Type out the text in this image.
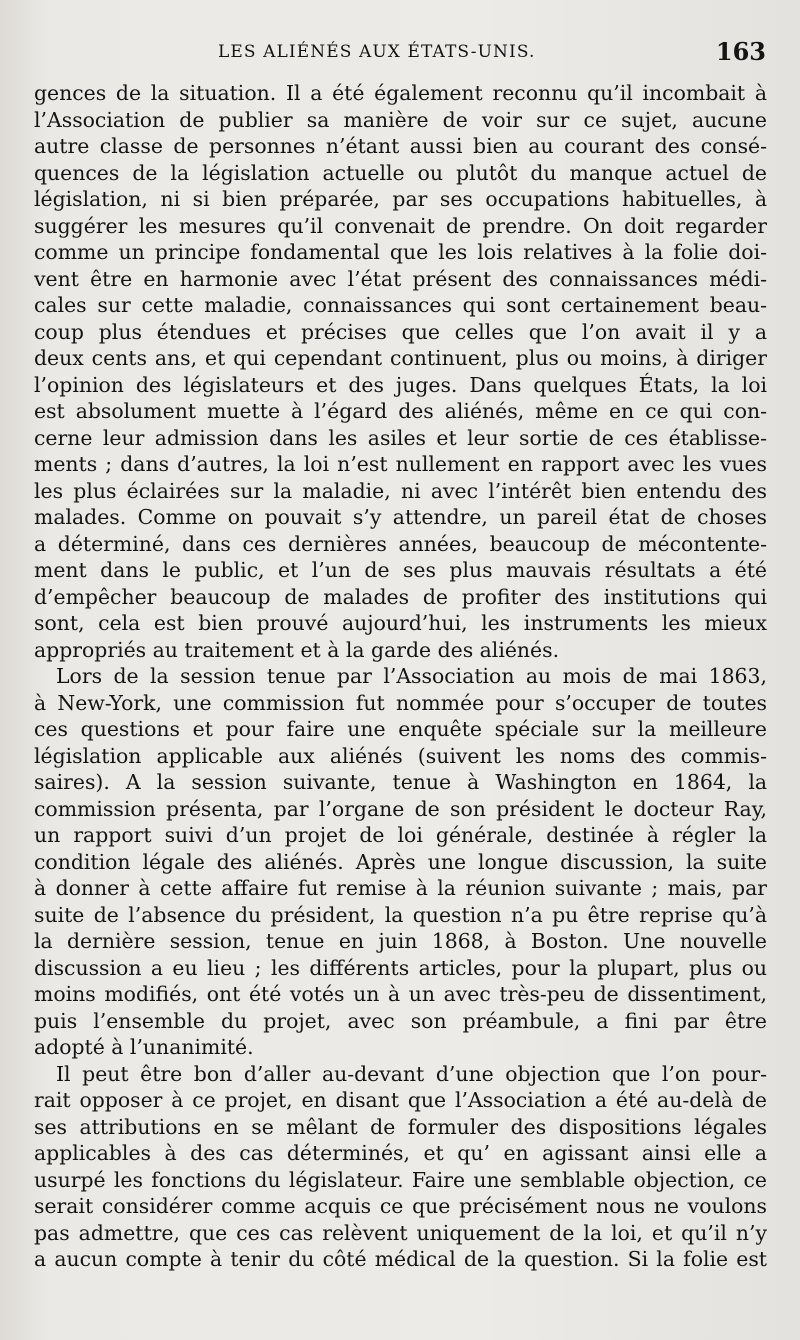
LES ALIÉNÉS AUX ÉTATS-UNIS.	163
gences de la situation. Il a été également reconnu qu’il incombait à
l’Association de publier sa manière de voir sur ce sujet, aucune
autre classe de personnes n’étant aussi bien au courant des consé-
quences de la législation actuelle ou plutôt du manque actuel de
législation, ni si bien préparée, par ses occupations habituelles, à
suggérer les mesures qu’il convenait de prendre. On doit regarder
comme un principe fondamental que les lois relatives à la folie doi-
vent être en harmonie avec l’état présent des connaissances médi-
cales sur cette maladie, connaissances qui sont certainement beau-
coup plus étendues et précises que celles que l’on avait il y a
deux cents ans, et qui cependant continuent, plus ou moins, à diriger
l’opinion des législateurs et des juges. Dans quelques États, la loi
est absolument muette à l’égard des aliénés, même en ce qui con-
cerne leur admission dans les asiles et leur sortie de ces établisse-
ments ; dans d’autres, la loi n’est nullement en rapport avec les vues
les plus éclairées sur la maladie, ni avec l’intérêt bien entendu des
malades. Comme on pouvait s’y attendre, un pareil état de choses
a déterminé, dans ces dernières années, beaucoup de mécontente-
ment dans le public, et l’un de ses plus mauvais résultats a été
d’empêcher beaucoup de malades de profiter des institutions qui
sont, cela est bien prouvé aujourd’hui, les instruments les mieux
appropriés au traitement et à la garde des aliénés.
Lors de la session tenue par l’Association au mois de mai 1863,
à New-York, une commission fut nommée pour s’occuper de toutes
ces questions et pour faire une enquête spéciale sur la meilleure
législation applicable aux aliénés (suivent les noms des commis-
saires). A la session suivante, tenue à Washington en 1864, la
commission présenta, par l’organe de son président le docteur Ray,
un rapport suivi d’un projet de loi générale, destinée à régler la
condition légale des aliénés. Après une longue discussion, la suite
à donner à cette affaire fut remise à la réunion suivante ; mais, par
suite de l’absence du président, la question n’a pu être reprise qu’à
la dernière session, tenue en juin 1868, à Boston. Une nouvelle
discussion a eu lieu ; les différents articles, pour la plupart, plus ou
moins modifiés, ont été votés un à un avec très-peu de dissentiment,
puis l’ensemble du projet, avec son préambule, a fini par être
adopté à l’unanimité.
Il peut être bon d’aller au-devant d’une objection que l’on pour-
rait opposer à ce projet, en disant que l’Association a été au-delà de
ses attributions en se mêlant de formuler des dispositions légales
applicables à des cas déterminés, et qu’ en agissant ainsi elle a
usurpé les fonctions du législateur. Faire une semblable objection, ce
serait considérer comme acquis ce que précisément nous ne voulons
pas admettre, que ces cas relèvent uniquement de la loi, et qu’il n’y
a aucun compte à tenir du côté médical de la question. Si la folie est
